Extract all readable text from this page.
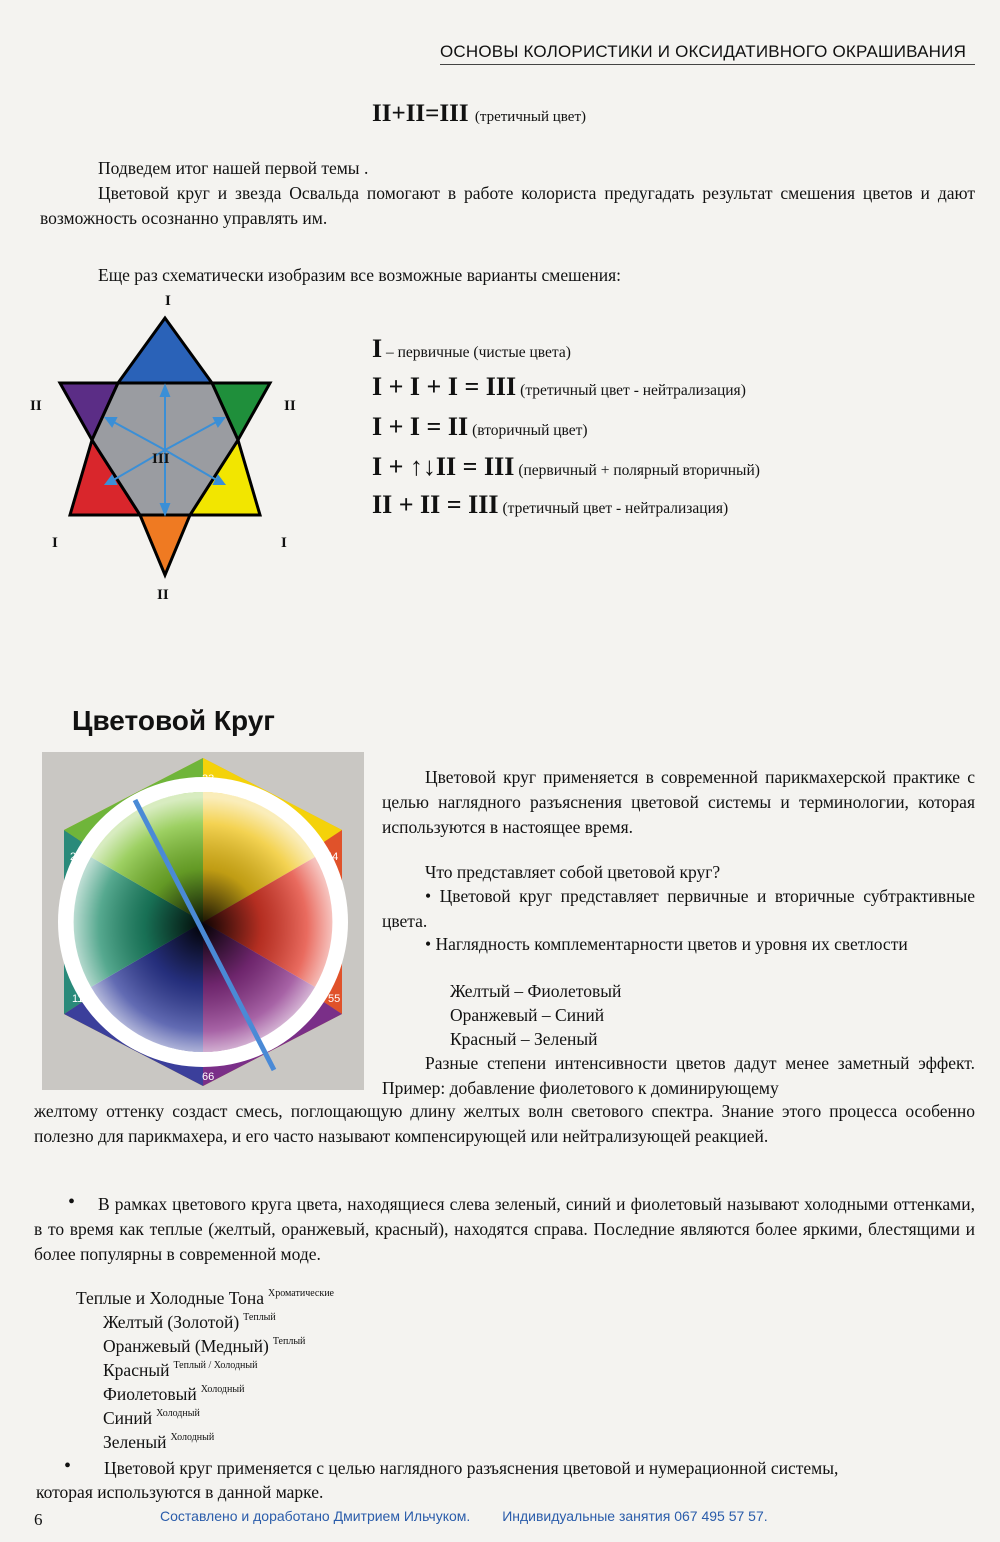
ОСНОВЫ КОЛОРИСТИКИ И ОКСИДАТИВНОГО ОКРАШИВАНИЯ
II+II=III (третичный цвет)
Подведем итог нашей первой темы .
Цветовой круг и звезда Освальда помогают в работе колориста предугадать результат смешения цветов и дают возможность осознанно управлять им.
Еще раз схематически изобразим все возможные варианты смешения:
I
II	II
III
I	I
II
I – первичные (чистые цвета)
I + I + I = III (третичный цвет - нейтрализация)
I + I = II (вторичный цвет)
I + ↑↓II = III (первичный + полярный вторичный)
II + II = III (третичный цвет - нейтрализация)
Цветовой Круг
33
22	44
11	55
66
Цветовой круг применяется в современной парикмахерской практике с целью наглядного разъяснения цветовой системы и терминологии, которая используются в настоящее время.
Что представляет собой цветовой круг?
• Цветовой круг представляет первичные и вторичные субтрактивные цвета.
• Наглядность комплементарности цветов и уровня их светлости
Желтый – Фиолетовый
Оранжевый – Синий
Красный – Зеленый
Разные степени интенсивности цветов дадут менее заметный эффект. Пример: добавление фиолетового к доминирующему
желтому оттенку создаст смесь, поглощающую длину желтых волн светового спектра. Знание этого процесса особенно полезно для парикмахера, и его часто называют компенсирующей или нейтрализующей реакцией.
•	В рамках цветового круга цвета, находящиеся слева зеленый, синий и фиолетовый называют холодными оттенками, в то время как теплые (желтый, оранжевый, красный), находятся справа. Последние являются более яркими, блестящими и более популярны в современной моде.
Теплые и Холодные Тона $^{Хроматические}$
Желтый (Золотой) $^{Теплый}$
Оранжевый (Медный) $^{Теплый}$
Красный $^{Теплый / Холодный}$
Фиолетовый $^{Холодный}$
Синий $^{Холодный}$
Зеленый $^{Холодный}$
• Цветовой круг применяется с целью наглядного разъяснения цветовой и нумерационной системы,
которая используются в данной марке.
6	Составлено и доработано Дмитрием Ильчуком. Индивидуальные занятия 067 495 57 57.
